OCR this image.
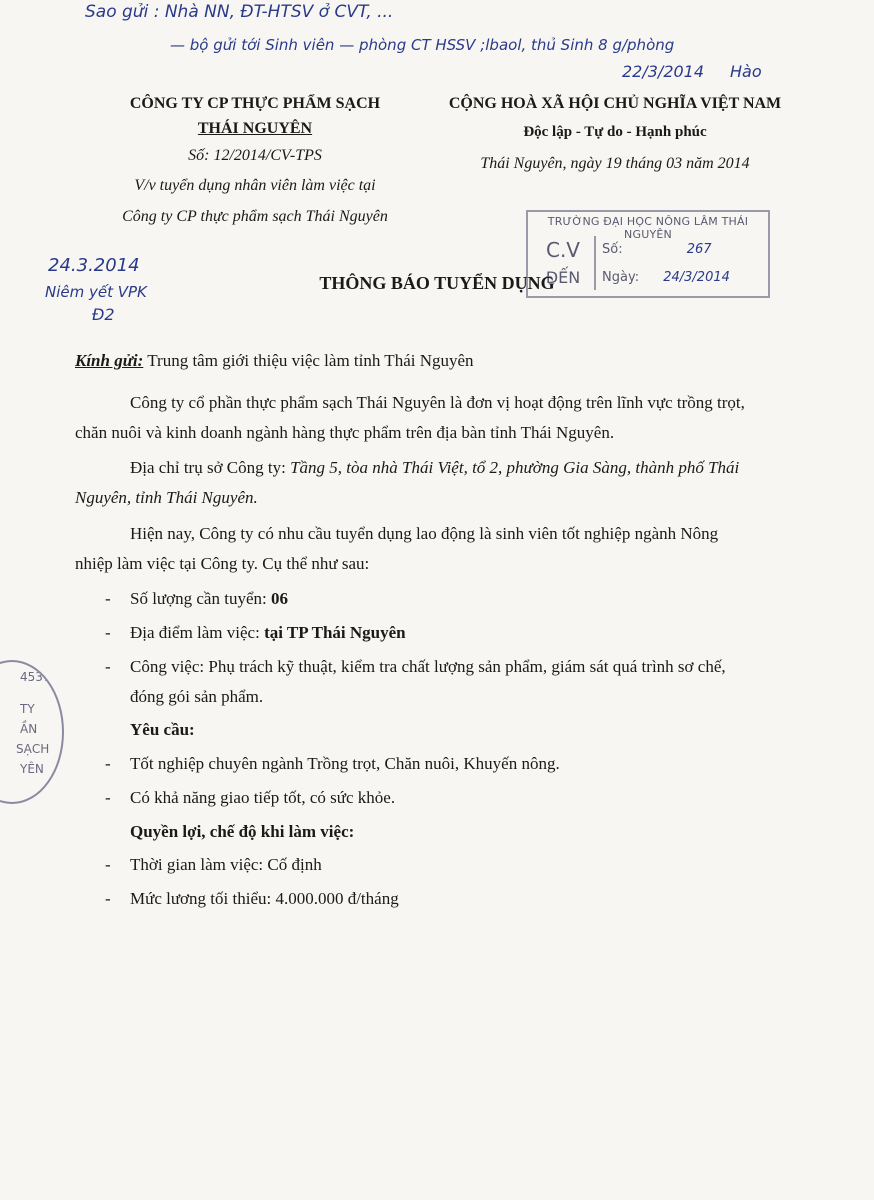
Sao gửi : Nhà NN, ĐT-HTSV ở CVT, ...
— bộ gửi tới Sinh viên — phòng CT HSSV ;lbaol, thủ Sinh 8 g/phòng
22/3/2014 Hào
24.3.2014
Niêm yết VPK
Đ2
CÔNG TY CP THỰC PHẨM SẠCH
THÁI NGUYÊN
Số: 12/2014/CV-TPS
V/v tuyển dụng nhân viên làm việc tại
Công ty CP thực phẩm sạch Thái Nguyên
CỘNG HOÀ XÃ HỘI CHỦ NGHĨA VIỆT NAM
Độc lập - Tự do - Hạnh phúc
Thái Nguyên, ngày 19 tháng 03 năm 2014
TRƯỜNG ĐẠI HỌC NÔNG LÂM THÁI NGUYÊN
C.V
ĐẾN
Số:	267
Ngày: 24/3/2014
THÔNG BÁO TUYỂN DỤNG

Kính gửi: Trung tâm giới thiệu việc làm tỉnh Thái Nguyên

Công ty cổ phần thực phẩm sạch Thái Nguyên là đơn vị hoạt động trên lĩnh vực trồng trọt, chăn nuôi và kinh doanh ngành hàng thực phẩm trên địa bàn tỉnh Thái Nguyên.

Địa chỉ trụ sở Công ty: Tầng 5, tòa nhà Thái Việt, tổ 2, phường Gia Sàng, thành phố Thái Nguyên, tỉnh Thái Nguyên.

Hiện nay, Công ty có nhu cầu tuyển dụng lao động là sinh viên tốt nghiệp ngành Nông nhiệp làm việc tại Công ty. Cụ thể như sau:

-	Số lượng cần tuyển: 06
-	Địa điểm làm việc: tại TP Thái Nguyên
-	Công việc: Phụ trách kỹ thuật, kiểm tra chất lượng sản phẩm, giám sát quá trình sơ chế, đóng gói sản phẩm.
Yêu cầu:
-	Tốt nghiệp chuyên ngành Trồng trọt, Chăn nuôi, Khuyến nông.
-	Có khả năng giao tiếp tốt, có sức khỏe.
Quyền lợi, chế độ khi làm việc:
-	Thời gian làm việc: Cố định
-	Mức lương tối thiểu: 4.000.000 đ/tháng
45374
TY
ẦN
SẠCH
YÊN
